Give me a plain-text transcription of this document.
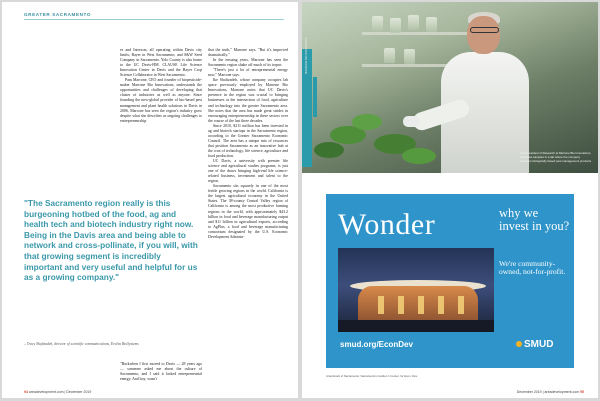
GREATER SACRAMENTO

es and Intrexon, all operating within Davis city limits; Bayer in West Sacramento; and S&W Seed Company in Sacramento. Yolo County is also home to the UC Davis-HM. CLAUSE Life Science Innovation Center in Davis and the Bayer Crop Science Collaborator in West Sacramento.

Pam Marrone, CEO and founder of biopesticide-maker Marrone Bio Innovations, understands the opportunities and challenges of developing that cluster of industries as well as anyone. Since founding the now-global provider of bio-based pest management and plant health solutions in Davis in 2006, Marrone has seen the region's industry grow despite what she describes as ongoing challenges to entrepreneurship.

that the truth," Marrone says. "But it's improved dramatically."

In the ensuing years, Marrone has seen the Sacramento region shake off much of its torpor.

"There's just a lot of entrepreneurial energy now," Marrone says.

Ike Shafizadeh, whose company occupies lab space previously employed by Marrone Bio Innovations, Marrone notes that UC Davis's presence in the region was crucial to bringing businesses at the intersection of food, agriculture and technology into the greater Sacramento area. She notes that the area has made great strides in encouraging entrepreneurship in these sectors over the course of the last three decades.

Since 2010, $211 million has been invested in ag and biotech startups in the Sacramento region, according to the Greater Sacramento Economic Council. The area has a unique mix of resources that position Sacramento as an innovative hub at the crux of technology, life science, agriculture and food production.

UC Davis, a university with premier life science and agricultural studies programs, is just one of the draws bringing high-end life science-related business, investment and talent to the region.

Sacramento sits squarely in one of the most fertile growing regions in the world. California is the largest agricultural economy in the United States. The 38-county Central Valley region of California is among the most productive farming regions in the world, with approximately $43.2 billion in food and beverage manufacturing output and $11 billion in agricultural exports, according to AgPlus, a food and beverage manufacturing consortium designated by the U.S. Economic Development Adminis-

"The Sacramento region really is this burgeoning hotbed of the food, ag and health tech and biotech industry right now. Being in the Davis area and being able to network and cross-pollinate, if you will, with that growing segment is incredibly important and very useful and helpful for us as a growing company."
– Tracy Shafizadeh, director of scientific communications, Evolva BioSystems

"Backwhen I first moved to Davis — 28 years ago — someone asked me about the culture of Sacramento, and I said it lacked entrepreneurial energy. And boy, wasn't

94 areadevelopment.com | December 2019
MARRONE BIO INNOVATIONS
Vice President of Research at Marrone Bio Innovations, examines samples in a lab where the company develops biologically based pest management products
Wonder	why we invest in you?
We're community-owned, not-for-profit.
smud.org/EconDev	SMUD
A landmark of Sacramento: Sacramento's Golden 1 Center, for Econ. Dev.
December 2019 | areadevelopment.com 95
